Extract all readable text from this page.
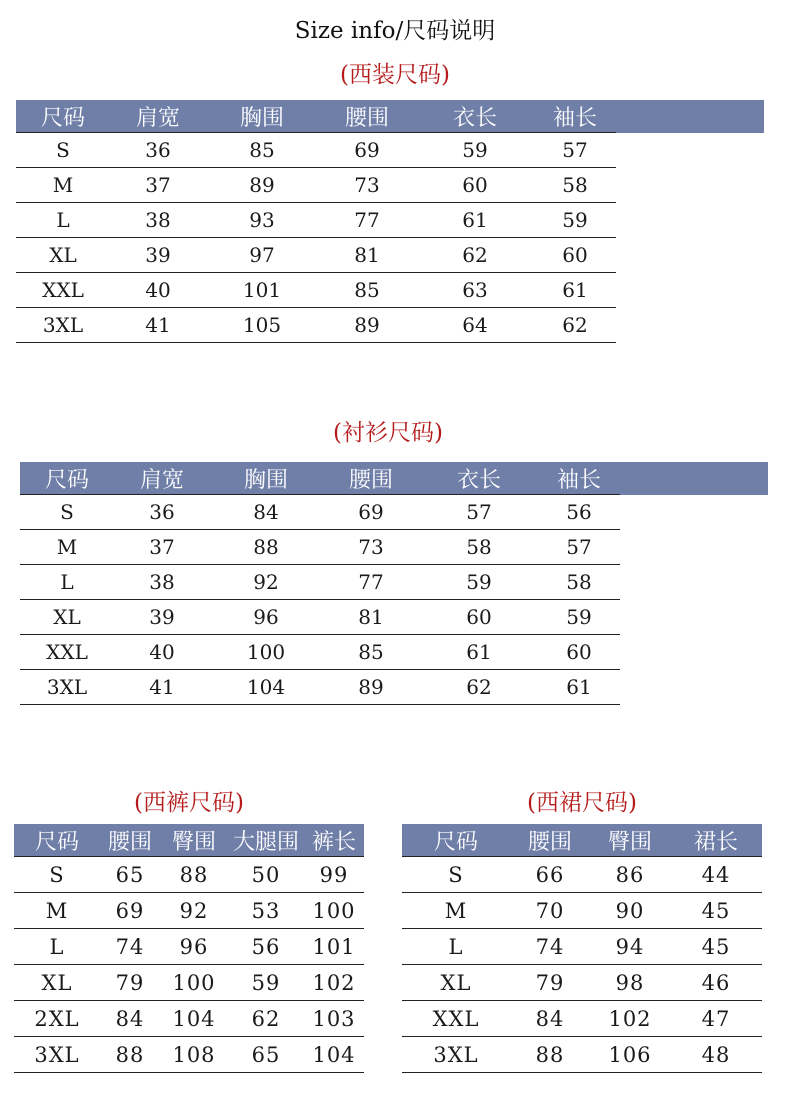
Size info/尺码说明
(西装尺码)
尺码	肩宽	胸围	腰围	衣长	袖长	
S	36	85	69	59	57	
M	37	89	73	60	58	
L	38	93	77	61	59	
XL	39	97	81	62	60	
XXL	40	101	85	63	61	
3XL	41	105	89	64	62	
(衬衫尺码)
尺码	肩宽	胸围	腰围	衣长	袖长	
S	36	84	69	57	56	
M	37	88	73	58	57	
L	38	92	77	59	58	
XL	39	96	81	60	59	
XXL	40	100	85	61	60	
3XL	41	104	89	62	61	
(西裤尺码)
尺码	腰围	臀围	大腿围	裤长
S	65	88	50	99
M	69	92	53	100
L	74	96	56	101
XL	79	100	59	102
2XL	84	104	62	103
3XL	88	108	65	104
(西裙尺码)
尺码	腰围	臀围	裙长
S	66	86	44
M	70	90	45
L	74	94	45
XL	79	98	46
XXL	84	102	47
3XL	88	106	48
